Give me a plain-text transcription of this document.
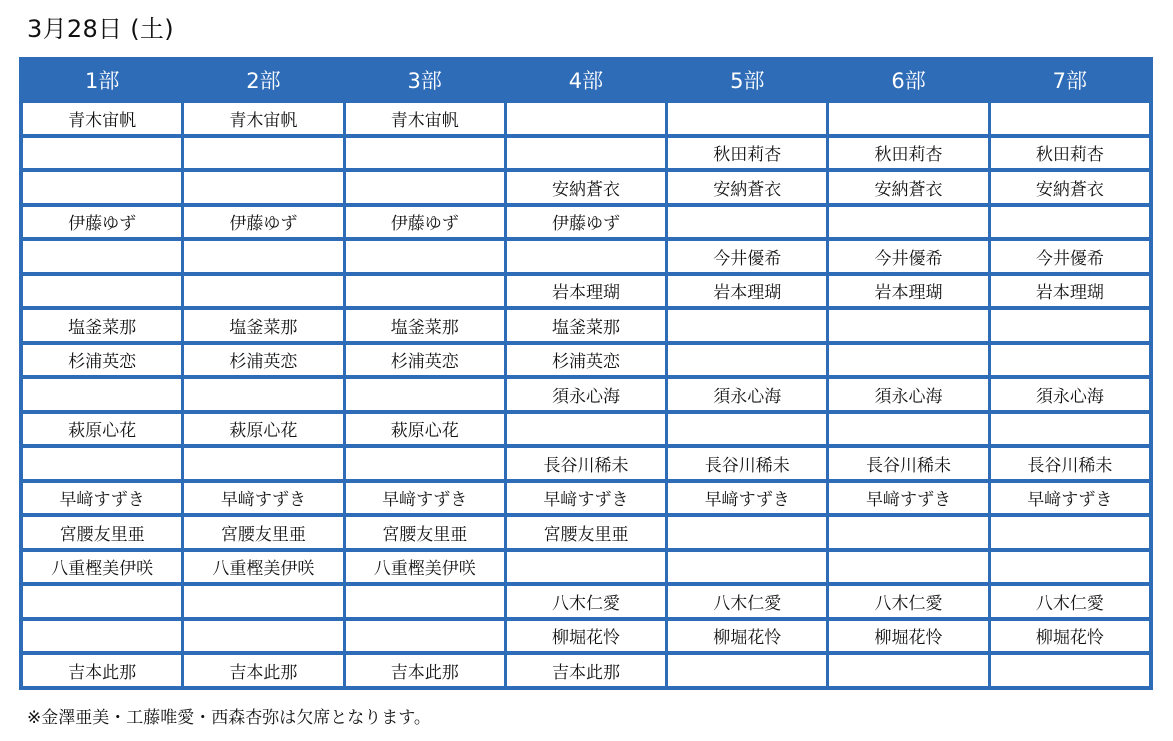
3月28日 (土)
1部	2部	3部	4部	5部	6部	7部
青木宙帆	青木宙帆	青木宙帆				
				秋田莉杏	秋田莉杏	秋田莉杏
			安納蒼衣	安納蒼衣	安納蒼衣	安納蒼衣
伊藤ゆず	伊藤ゆず	伊藤ゆず	伊藤ゆず			
				今井優希	今井優希	今井優希
			岩本理瑚	岩本理瑚	岩本理瑚	岩本理瑚
塩釜菜那	塩釜菜那	塩釜菜那	塩釜菜那			
杉浦英恋	杉浦英恋	杉浦英恋	杉浦英恋			
			須永心海	須永心海	須永心海	須永心海
萩原心花	萩原心花	萩原心花				
			長谷川稀未	長谷川稀未	長谷川稀未	長谷川稀未
早﨑すずき	早﨑すずき	早﨑すずき	早﨑すずき	早﨑すずき	早﨑すずき	早﨑すずき
宮腰友里亜	宮腰友里亜	宮腰友里亜	宮腰友里亜			
八重樫美伊咲	八重樫美伊咲	八重樫美伊咲				
			八木仁愛	八木仁愛	八木仁愛	八木仁愛
			柳堀花怜	柳堀花怜	柳堀花怜	柳堀花怜
吉本此那	吉本此那	吉本此那	吉本此那			
※金澤亜美・工藤唯愛・西森杏弥は欠席となります。
